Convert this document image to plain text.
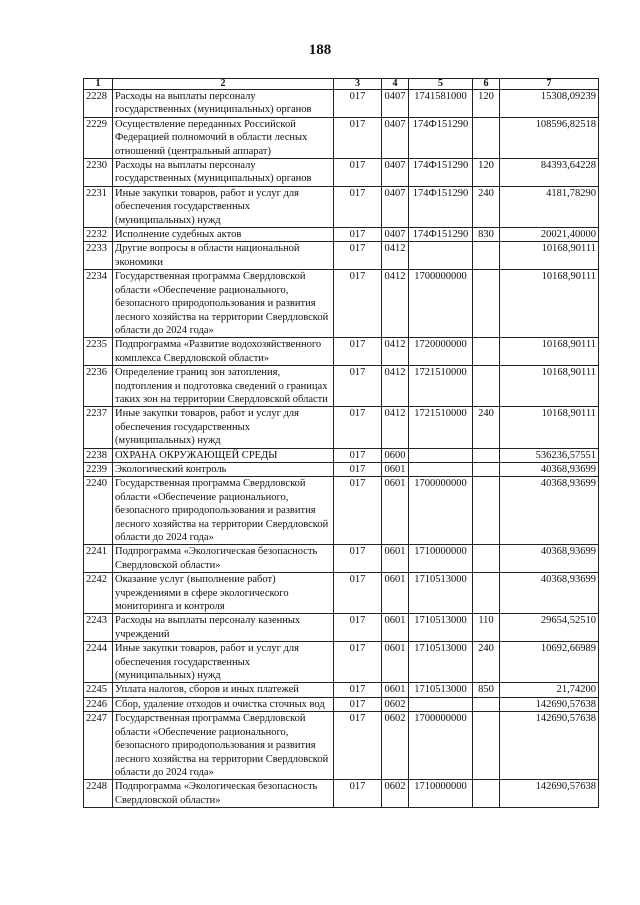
188
1	2	3	4	5	6	7
2228	Расходы на выплаты персоналу государственных (муниципальных) органов	017	0407	1741581000	120	15308,09239
2229	Осуществление переданных Российской Федерацией полномочий в области лесных отношений (центральный аппарат)	017	0407	174Ф151290		108596,82518
2230	Расходы на выплаты персоналу государственных (муниципальных) органов	017	0407	174Ф151290	120	84393,64228
2231	Иные закупки товаров, работ и услуг для обеспечения государственных (муниципальных) нужд	017	0407	174Ф151290	240	4181,78290
2232	Исполнение судебных актов	017	0407	174Ф151290	830	20021,40000
2233	Другие вопросы в области национальной экономики	017	0412			10168,90111
2234	Государственная программа Свердловской области «Обеспечение рационального, безопасного природопользования и развития лесного хозяйства на территории Свердловской области до 2024 года»	017	0412	1700000000		10168,90111
2235	Подпрограмма «Развитие водохозяйственного комплекса Свердловской области»	017	0412	1720000000		10168,90111
2236	Определение границ зон затопления, подтопления и подготовка сведений о границах таких зон на территории Свердловской области	017	0412	1721510000		10168,90111
2237	Иные закупки товаров, работ и услуг для обеспечения государственных (муниципальных) нужд	017	0412	1721510000	240	10168,90111
2238	ОХРАНА ОКРУЖАЮЩЕЙ СРЕДЫ	017	0600			536236,57551
2239	Экологический контроль	017	0601			40368,93699
2240	Государственная программа Свердловской области «Обеспечение рационального, безопасного природопользования и развития лесного хозяйства на территории Свердловской области до 2024 года»	017	0601	1700000000		40368,93699
2241	Подпрограмма «Экологическая безопасность Свердловской области»	017	0601	1710000000		40368,93699
2242	Оказание услуг (выполнение работ) учреждениями в сфере экологического мониторинга и контроля	017	0601	1710513000		40368,93699
2243	Расходы на выплаты персоналу казенных учреждений	017	0601	1710513000	110	29654,52510
2244	Иные закупки товаров, работ и услуг для обеспечения государственных (муниципальных) нужд	017	0601	1710513000	240	10692,66989
2245	Уплата налогов, сборов и иных платежей	017	0601	1710513000	850	21,74200
2246	Сбор, удаление отходов и очистка сточных вод	017	0602			142690,57638
2247	Государственная программа Свердловской области «Обеспечение рационального, безопасного природопользования и развития лесного хозяйства на территории Свердловской области до 2024 года»	017	0602	1700000000		142690,57638
2248	Подпрограмма «Экологическая безопасность Свердловской области»	017	0602	1710000000		142690,57638
